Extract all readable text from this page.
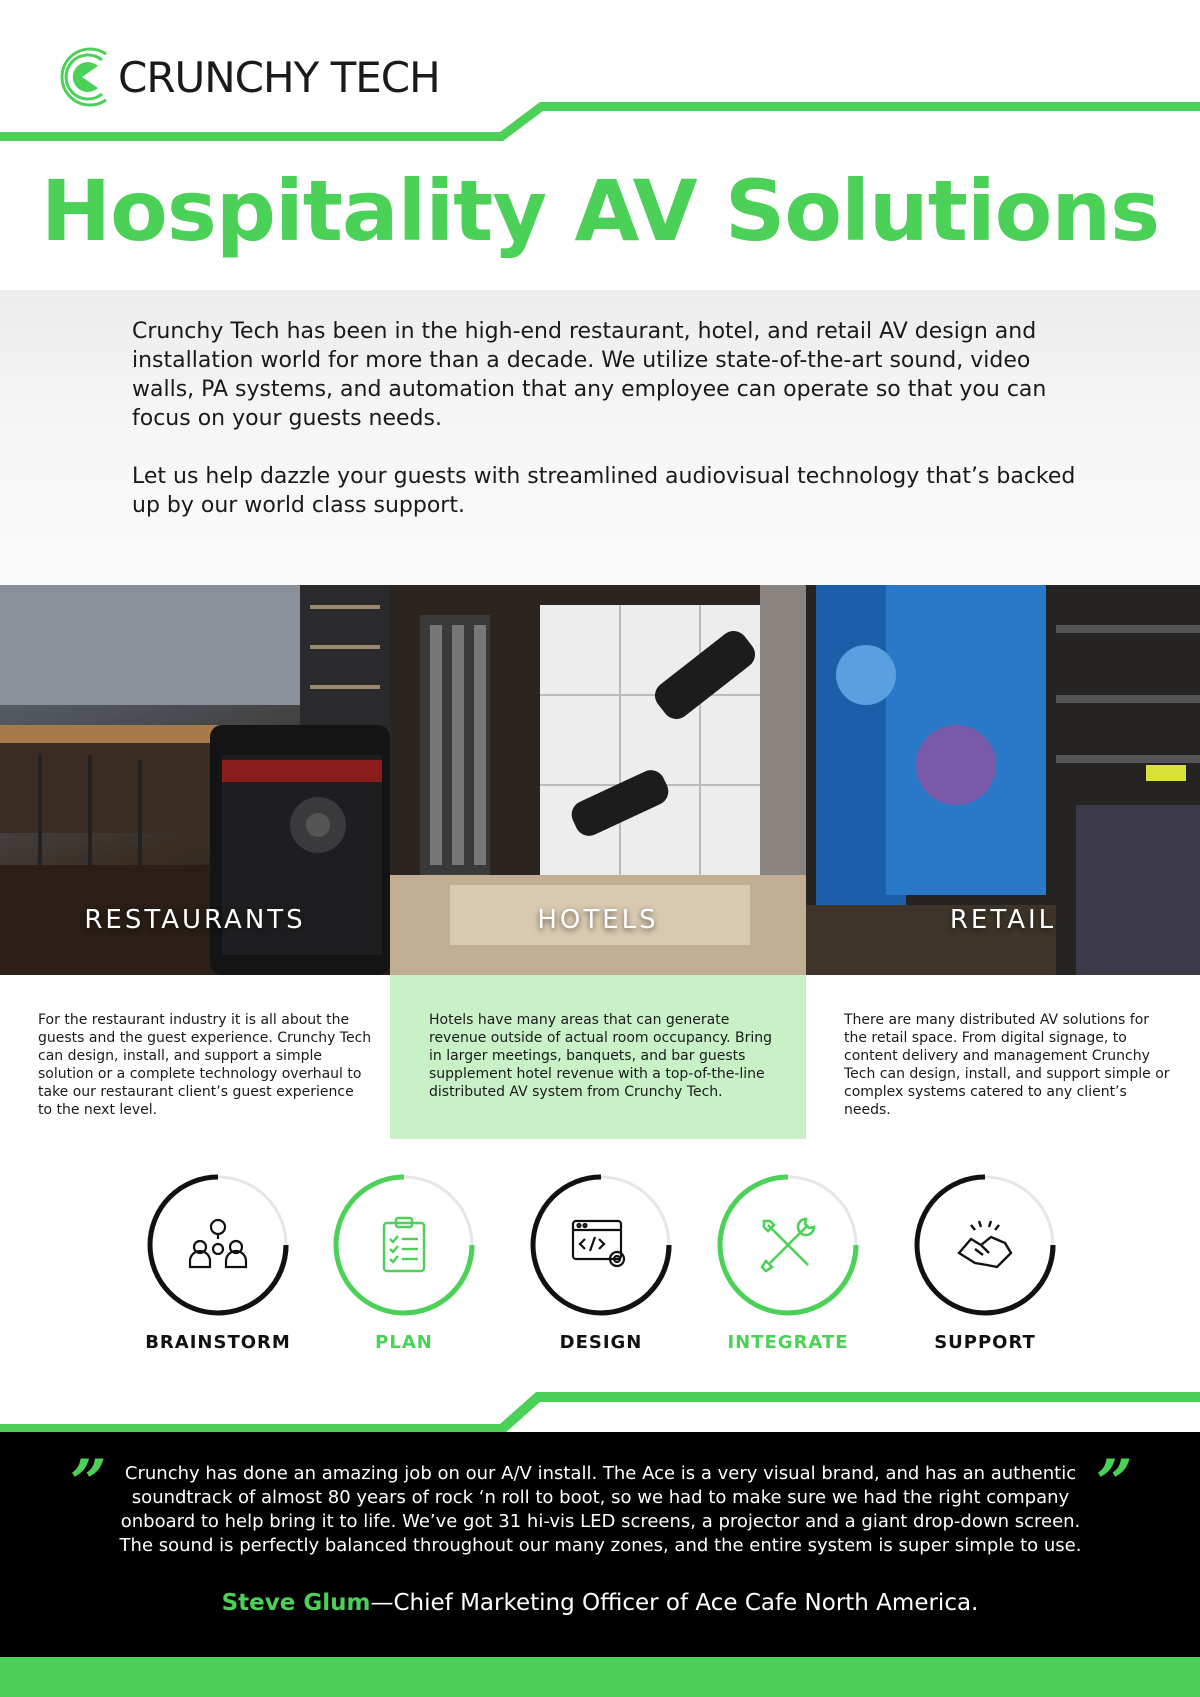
CRUNCHY TECH
Hospitality AV Solutions

Crunchy Tech has been in the high-end restaurant, hotel, and retail AV design and installation world for more than a decade. We utilize state-of-the-art sound, video walls, PA systems, and automation that any employee can operate so that you can focus on your guests needs.

Let us help dazzle your guests with streamlined audiovisual technology that’s backed up by our world class support.

RESTAURANTS	HOTELS	RETAIL

For the restaurant industry it is all about the guests and the guest experience. Crunchy Tech can design, install, and support a simple solution or a complete technology overhaul to take our restaurant client’s guest experience to the next level.

Hotels have many areas that can generate revenue outside of actual room occupancy. Bring in larger meetings, banquets, and bar guests supplement hotel revenue with a top-of-the-line distributed AV system from Crunchy Tech.

There are many distributed AV solutions for the retail space. From digital signage, to content delivery and management Crunchy Tech can design, install, and support simple or complex systems catered to any client’s needs.

BRAINSTORM	PLAN	DESIGN	INTEGRATE	SUPPORT
”	”

Crunchy has done an amazing job on our A/V install. The Ace is a very visual brand, and has an authentic soundtrack of almost 80 years of rock ‘n roll to boot, so we had to make sure we had the right company onboard to help bring it to life. We’ve got 31 hi-vis LED screens, a projector and a giant drop-down screen. The sound is perfectly balanced throughout our many zones, and the entire system is super simple to use.

Steve Glum—Chief Marketing Officer of Ace Cafe North America.
